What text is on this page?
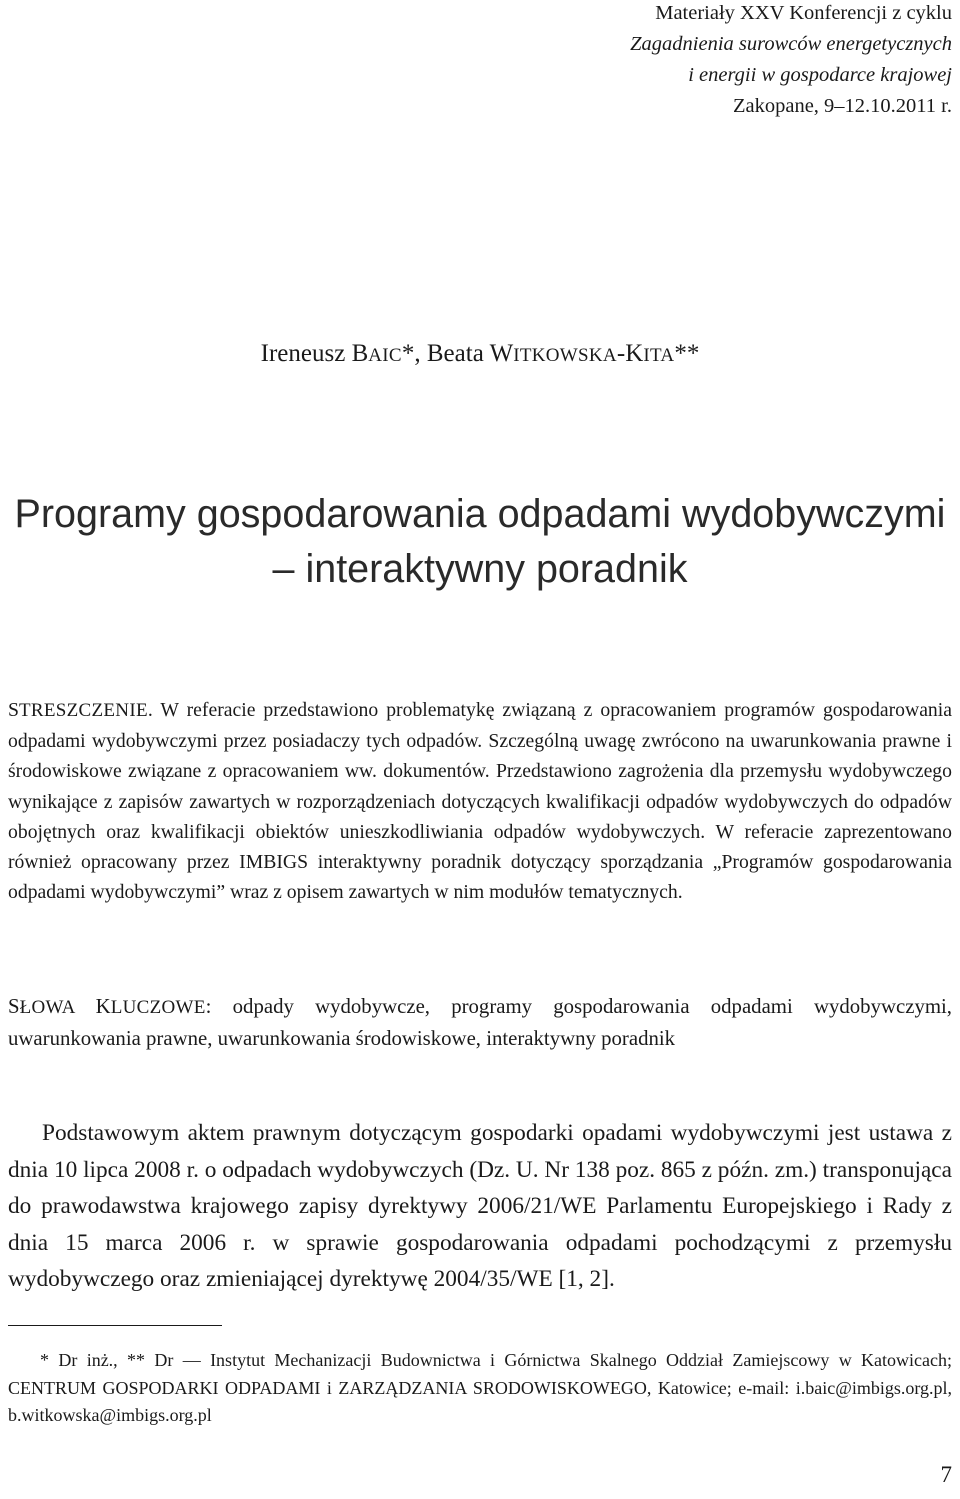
Materiały XXV Konferencji z cyklu
Zagadnienia surowców energetycznych
i energii w gospodarce krajowej
Zakopane, 9–12.10.2011 r.
Ireneusz BAIC*, Beata WITKOWSKA-KITA**
Programy gospodarowania odpadami wydobywczymi
– interaktywny poradnik

STRESZCZENIE. W referacie przedstawiono problematykę związaną z opracowaniem programów gospodarowania odpadami wydobywczymi przez posiadaczy tych odpadów. Szczególną uwagę zwrócono na uwarunkowania prawne i środowiskowe związane z opracowaniem ww. dokumentów. Przedstawiono zagrożenia dla przemysłu wydobywczego wynikające z zapisów zawartych w rozporządzeniach dotyczących kwalifikacji odpadów wydobywczych do odpadów obojętnych oraz kwalifikacji obiektów unieszkodliwiania odpadów wydobywczych. W referacie zaprezentowano również opracowany przez IMBIGS interaktywny poradnik dotyczący sporządzania „Programów gospodarowania odpadami wydobywczymi” wraz z opisem zawartych w nim modułów tematycznych.

SŁOWA KLUCZOWE: odpady wydobywcze, programy gospodarowania odpadami wydobywczymi, uwarunkowania prawne, uwarunkowania środowiskowe, interaktywny poradnik

Podstawowym aktem prawnym dotyczącym gospodarki opadami wydobywczymi jest ustawa z dnia 10 lipca 2008 r. o odpadach wydobywczych (Dz. U. Nr 138 poz. 865 z późn. zm.) transponująca do prawodawstwa krajowego zapisy dyrektywy 2006/21/WE Parlamentu Europejskiego i Rady z dnia 15 marca 2006 r. w sprawie gospodarowania odpadami pochodzącymi z przemysłu wydobywczego oraz zmieniającej dyrektywę 2004/35/WE [1, 2].

* Dr inż., ** Dr — Instytut Mechanizacji Budownictwa i Górnictwa Skalnego Oddział Zamiejscowy w Katowicach; CENTRUM GOSPODARKI ODPADAMI i ZARZĄDZANIA SRODOWISKOWEGO, Katowice; e-mail: i.baic@imbigs.org.pl, b.witkowska@imbigs.org.pl

7
